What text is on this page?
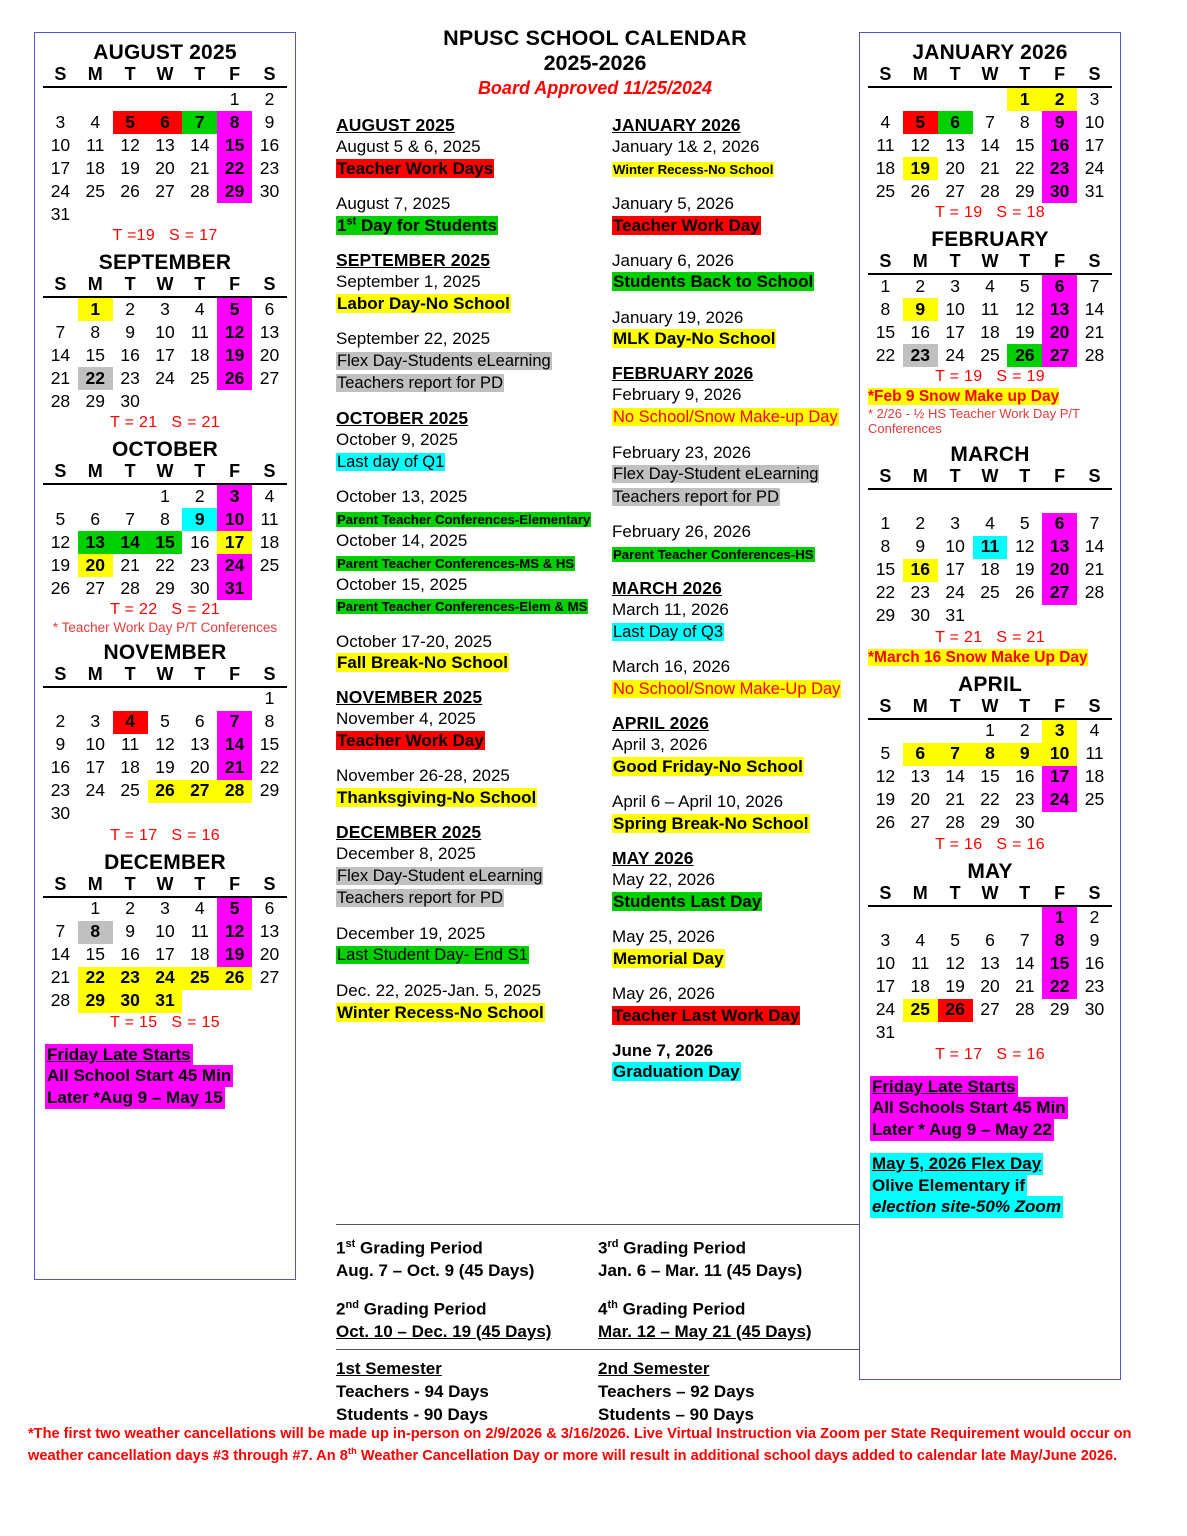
AUGUST 2025
S	M	T	W	T	F	S
					1	2
3	4	5	6	7	8	9
10	11	12	13	14	15	16
17	18	19	20	21	22	23
24	25	26	27	28	29	30
31						
T =19 S = 17
SEPTEMBER
S	M	T	W	T	F	S
	1	2	3	4	5	6
7	8	9	10	11	12	13
14	15	16	17	18	19	20
21	22	23	24	25	26	27
28	29	30				
T = 21 S = 21
OCTOBER
S	M	T	W	T	F	S
			1	2	3	4
5	6	7	8	9	10	11
12	13	14	15	16	17	18
19	20	21	22	23	24	25
26	27	28	29	30	31	
T = 22 S = 21
* Teacher Work Day P/T Conferences
NOVEMBER
S	M	T	W	T	F	S
						1
2	3	4	5	6	7	8
9	10	11	12	13	14	15
16	17	18	19	20	21	22
23	24	25	26	27	28	29
30						
T = 17 S = 16
DECEMBER
S	M	T	W	T	F	S
	1	2	3	4	5	6
7	8	9	10	11	12	13
14	15	16	17	18	19	20
21	22	23	24	25	26	27
28	29	30	31			
T = 15 S = 15
Friday Late Starts
All School Start 45 Min
Later *Aug 9 – May 15
NPUSC SCHOOL CALENDAR
2025-2026
Board Approved 11/25/2024
AUGUST 2025
August 5 & 6, 2025
Teacher Work Days
August 7, 2025
1st Day for Students
SEPTEMBER 2025
September 1, 2025
Labor Day-No School
September 22, 2025
Flex Day-Students eLearning
Teachers report for PD
OCTOBER 2025
October 9, 2025
Last day of Q1
October 13, 2025
Parent Teacher Conferences-Elementary
October 14, 2025
Parent Teacher Conferences-MS & HS
October 15, 2025
Parent Teacher Conferences-Elem & MS
October 17-20, 2025
Fall Break-No School
NOVEMBER 2025
November 4, 2025
Teacher Work Day
November 26-28, 2025
Thanksgiving-No School
DECEMBER 2025
December 8, 2025
Flex Day-Student eLearning
Teachers report for PD
December 19, 2025
Last Student Day- End S1
Dec. 22, 2025-Jan. 5, 2025
Winter Recess-No School
JANUARY 2026
January 1& 2, 2026
Winter Recess-No School
January 5, 2026
Teacher Work Day
January 6, 2026
Students Back to School
January 19, 2026
MLK Day-No School
FEBRUARY 2026
February 9, 2026
No School/Snow Make-up Day
February 23, 2026
Flex Day-Student eLearning
Teachers report for PD
February 26, 2026
Parent Teacher Conferences-HS
MARCH 2026
March 11, 2026
Last Day of Q3
March 16, 2026
No School/Snow Make-Up Day
APRIL 2026
April 3, 2026
Good Friday-No School
April 6 – April 10, 2026
Spring Break-No School
MAY 2026
May 22, 2026
Students Last Day
May 25, 2026
Memorial Day
May 26, 2026
Teacher Last Work Day
June 7, 2026
Graduation Day
1st Grading Period
Aug. 7 – Oct. 9 (45 Days)
3rd Grading Period
Jan. 6 – Mar. 11 (45 Days)
2nd Grading Period
Oct. 10 – Dec. 19 (45 Days)
4th Grading Period
Mar. 12 – May 21 (45 Days)
1st Semester
Teachers - 94 Days
Students - 90 Days
2nd Semester
Teachers – 92 Days
Students – 90 Days
JANUARY 2026
S	M	T	W	T	F	S
				1	2	3
4	5	6	7	8	9	10
11	12	13	14	15	16	17
18	19	20	21	22	23	24
25	26	27	28	29	30	31
T = 19 S = 18
FEBRUARY
S	M	T	W	T	F	S
1	2	3	4	5	6	7
8	9	10	11	12	13	14
15	16	17	18	19	20	21
22	23	24	25	26	27	28
T = 19 S = 19
*Feb 9 Snow Make up Day
* 2/26 - ½ HS Teacher Work Day P/T Conferences
MARCH
S	M	T	W	T	F	S

1	2	3	4	5	6	7
8	9	10	11	12	13	14
15	16	17	18	19	20	21
22	23	24	25	26	27	28
29	30	31				
T = 21 S = 21
*March 16 Snow Make Up Day
APRIL
S	M	T	W	T	F	S
			1	2	3	4
5	6	7	8	9	10	11
12	13	14	15	16	17	18
19	20	21	22	23	24	25
26	27	28	29	30		
T = 16 S = 16
MAY
S	M	T	W	T	F	S
					1	2
3	4	5	6	7	8	9
10	11	12	13	14	15	16
17	18	19	20	21	22	23
24	25	26	27	28	29	30
31						
T = 17 S = 16
Friday Late Starts
All Schools Start 45 Min
Later * Aug 9 – May 22
May 5, 2026 Flex Day
Olive Elementary if
election site-50% Zoom
*The first two weather cancellations will be made up in-person on 2/9/2026 & 3/16/2026. Live Virtual Instruction via Zoom per State Requirement would occur on weather cancellation days #3 through #7. An 8th Weather Cancellation Day or more will result in additional school days added to calendar late May/June 2026.
